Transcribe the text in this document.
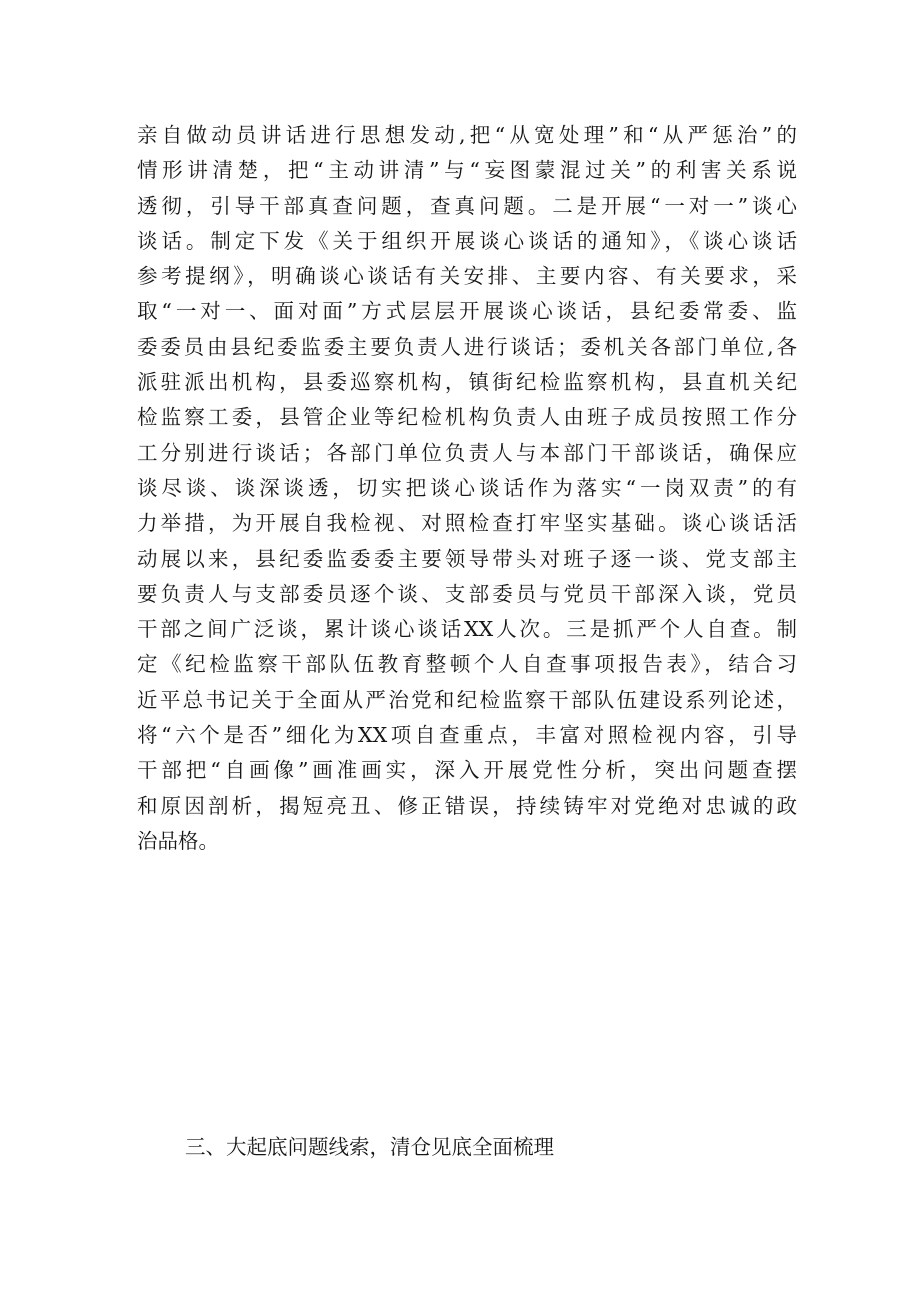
亲自做动员讲话进行思想发动,把“从宽处理”和“从严惩治”的
情形讲清楚，把“主动讲清”与“妄图蒙混过关”的利害关系说
透彻，引导干部真查问题，查真问题。二是开展“一对一”谈心
谈话。制定下发《关于组织开展谈心谈话的通知》，《谈心谈话
参考提纲》，明确谈心谈话有关安排、主要内容、有关要求，采
取“一对一、面对面”方式层层开展谈心谈话，县纪委常委、监
委委员由县纪委监委主要负责人进行谈话；委机关各部门单位,各
派驻派出机构，县委巡察机构，镇街纪检监察机构，县直机关纪
检监察工委，县管企业等纪检机构负责人由班子成员按照工作分
工分别进行谈话；各部门单位负责人与本部门干部谈话，确保应
谈尽谈、谈深谈透，切实把谈心谈话作为落实“一岗双责”的有
力举措，为开展自我检视、对照检查打牢坚实基础。谈心谈话活
动展以来，县纪委监委委主要领导带头对班子逐一谈、党支部主
要负责人与支部委员逐个谈、支部委员与党员干部深入谈，党员
干部之间广泛谈，累计谈心谈话XX人次。三是抓严个人自查。制
定《纪检监察干部队伍教育整顿个人自查事项报告表》，结合习
近平总书记关于全面从严治党和纪检监察干部队伍建设系列论述，
将“六个是否”细化为XX项自查重点，丰富对照检视内容，引导
干部把“自画像”画准画实，深入开展党性分析，突出问题查摆
和原因剖析，揭短亮丑、修正错误，持续铸牢对党绝对忠诚的政
治品格。
三、大起底问题线索，清仓见底全面梳理
